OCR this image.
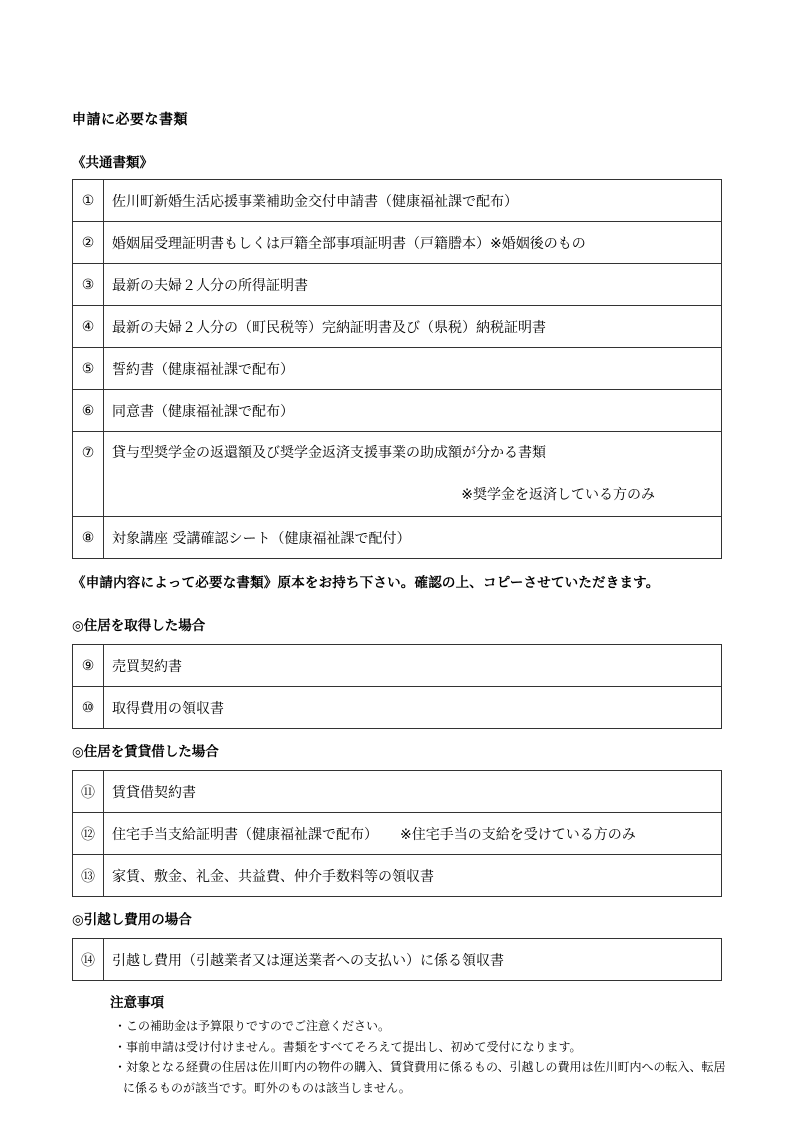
申請に必要な書類
《共通書類》
①	佐川町新婚生活応援事業補助金交付申請書（健康福祉課で配布）
②	婚姻届受理証明書もしくは戸籍全部事項証明書（戸籍謄本）※婚姻後のもの
③	最新の夫婦２人分の所得証明書
④	最新の夫婦２人分の（町民税等）完納証明書及び（県税）納税証明書
⑤	誓約書（健康福祉課で配布）
⑥	同意書（健康福祉課で配布）
⑦	貸与型奨学金の返還額及び奨学金返済支援事業の助成額が分かる書類
※奨学金を返済している方のみ

⑧	対象講座 受講確認シート（健康福祉課で配付）
《申請内容によって必要な書類》原本をお持ち下さい。確認の上、コピーさせていただきます。
◎住居を取得した場合
⑨	売買契約書
⑩	取得費用の領収書
◎住居を賃貸借した場合
⑪	賃貸借契約書
⑫	住宅手当支給証明書（健康福祉課で配布） ※住宅手当の支給を受けている方のみ
⑬	家賃、敷金、礼金、共益費、仲介手数料等の領収書
◎引越し費用の場合
⑭	引越し費用（引越業者又は運送業者への支払い）に係る領収書
注意事項
・この補助金は予算限りですのでご注意ください。
・事前申請は受け付けません。書類をすべてそろえて提出し、初めて受付になります。
・対象となる経費の住居は佐川町内の物件の購入、賃貸費用に係るもの、引越しの費用は佐川町内への転入、転居に係るものが該当です。町外のものは該当しません。
